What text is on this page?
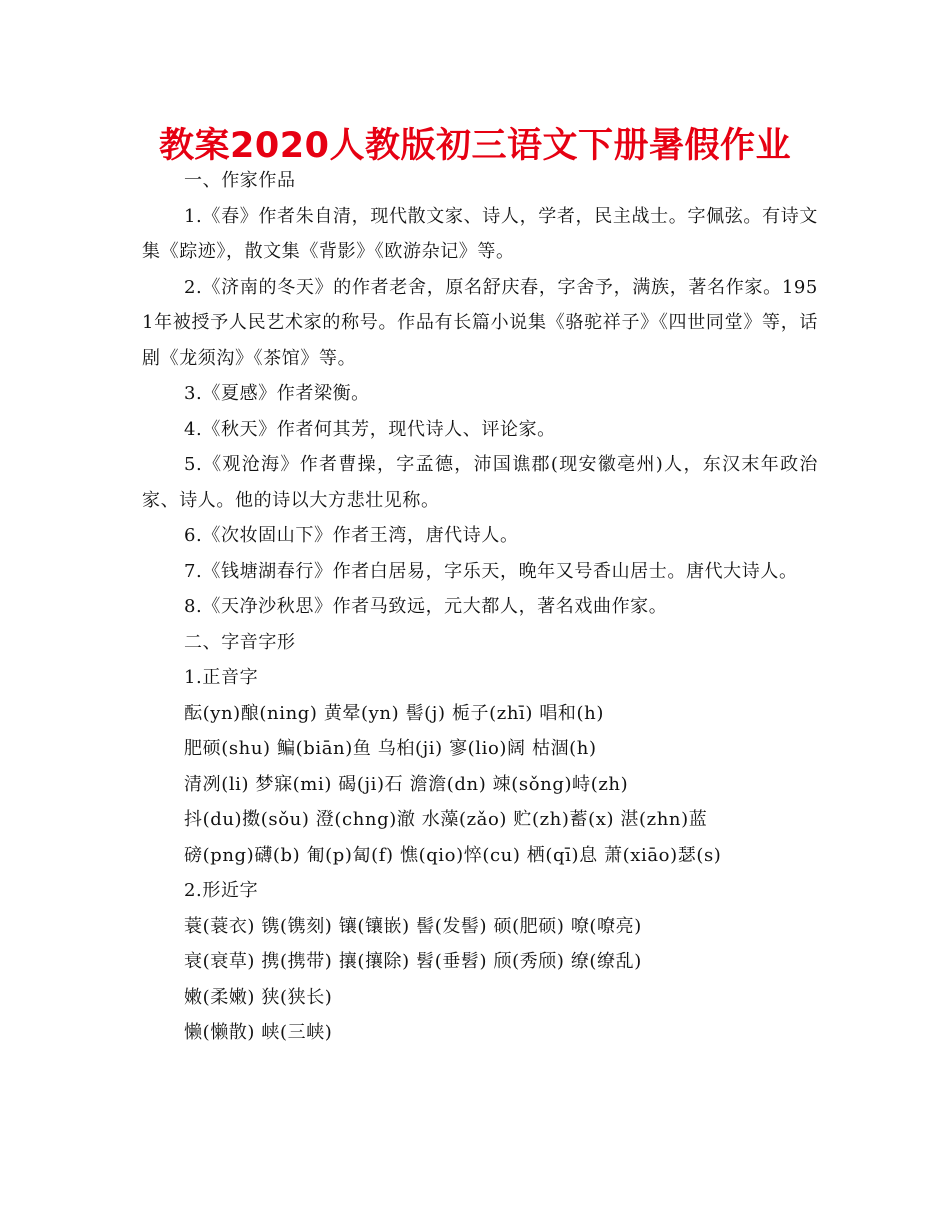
教案2020人教版初三语文下册暑假作业

一、作家作品

1.《春》作者朱自清，现代散文家、诗人，学者，民主战士。字佩弦。有诗文集《踪迹》，散文集《背影》《欧游杂记》等。

2.《济南的冬天》的作者老舍，原名舒庆春，字舍予，满族，著名作家。1951年被授予人民艺术家的称号。作品有长篇小说集《骆驼祥子》《四世同堂》等，话剧《龙须沟》《茶馆》等。

3.《夏感》作者梁衡。

4.《秋天》作者何其芳，现代诗人、评论家。

5.《观沧海》作者曹操，字孟德，沛国谯郡(现安徽亳州)人，东汉末年政治家、诗人。他的诗以大方悲壮见称。

6.《次妆固山下》作者王湾，唐代诗人。

7.《钱塘湖春行》作者白居易，字乐天，晚年又号香山居士。唐代大诗人。

8.《天净沙秋思》作者马致远，元大都人，著名戏曲作家。

二、字音字形

1.正音字

酝(yn)酿(ning) 黄晕(yn) 髻(j) 栀子(zhī) 唱和(h)

肥硕(shu) 鳊(biān)鱼 乌桕(ji) 寥(lio)阔 枯涸(h)

清冽(li) 梦寐(mi) 碣(ji)石 澹澹(dn) 竦(sǒng)峙(zh)

抖(du)擞(sǒu) 澄(chng)澈 水藻(zǎo) 贮(zh)蓄(x) 湛(zhn)蓝

磅(png)礴(b) 匍(p)匐(f) 憔(qio)悴(cu) 栖(qī)息 萧(xiāo)瑟(s)

2.形近字

蓑(蓑衣) 镌(镌刻) 镶(镶嵌) 髻(发髻) 硕(肥硕) 嘹(嘹亮)

衰(衰草) 携(携带) 攘(攘除) 髫(垂髫) 颀(秀颀) 缭(缭乱)

嫩(柔嫩) 狭(狭长)

懒(懒散) 峡(三峡)
